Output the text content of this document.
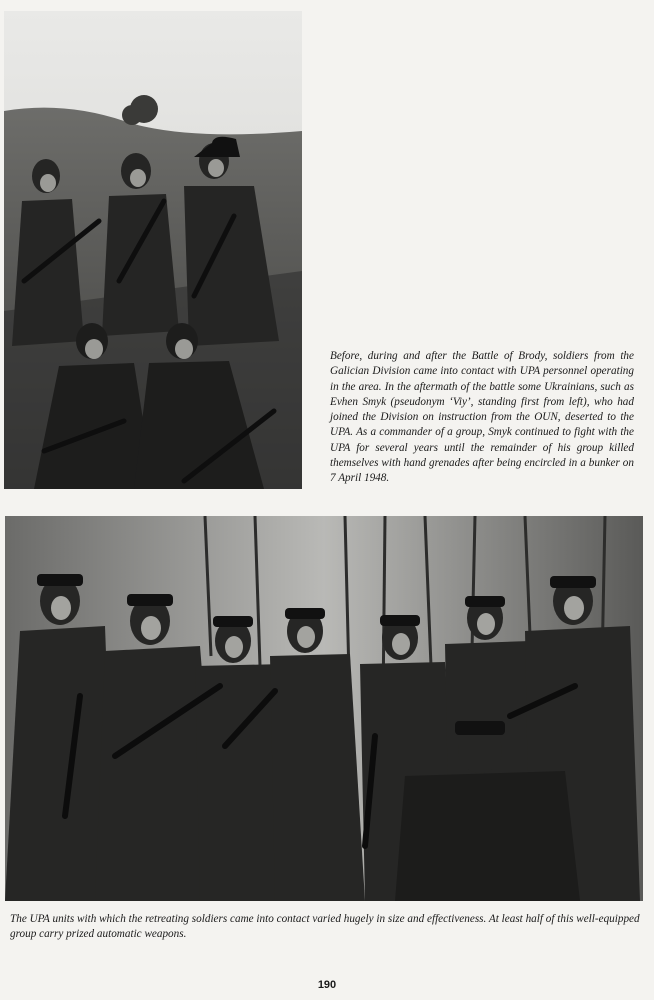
Before, during and after the Battle of Brody, soldiers from the Galician Division came into contact with UPA personnel operating in the area. In the aftermath of the battle some Ukrainians, such as Evhen Smyk (pseudonym ‘Viy’, standing first from left), who had joined the Division on instruction from the OUN, deserted to the UPA. As a commander of a group, Smyk continued to fight with the UPA for several years until the remainder of his group killed themselves with hand grenades after being encircled in a bunker on 7 April 1948.

The UPA units with which the retreating soldiers came into contact varied hugely in size and effectiveness. At least half of this well-equipped group carry prized automatic weapons.

190
